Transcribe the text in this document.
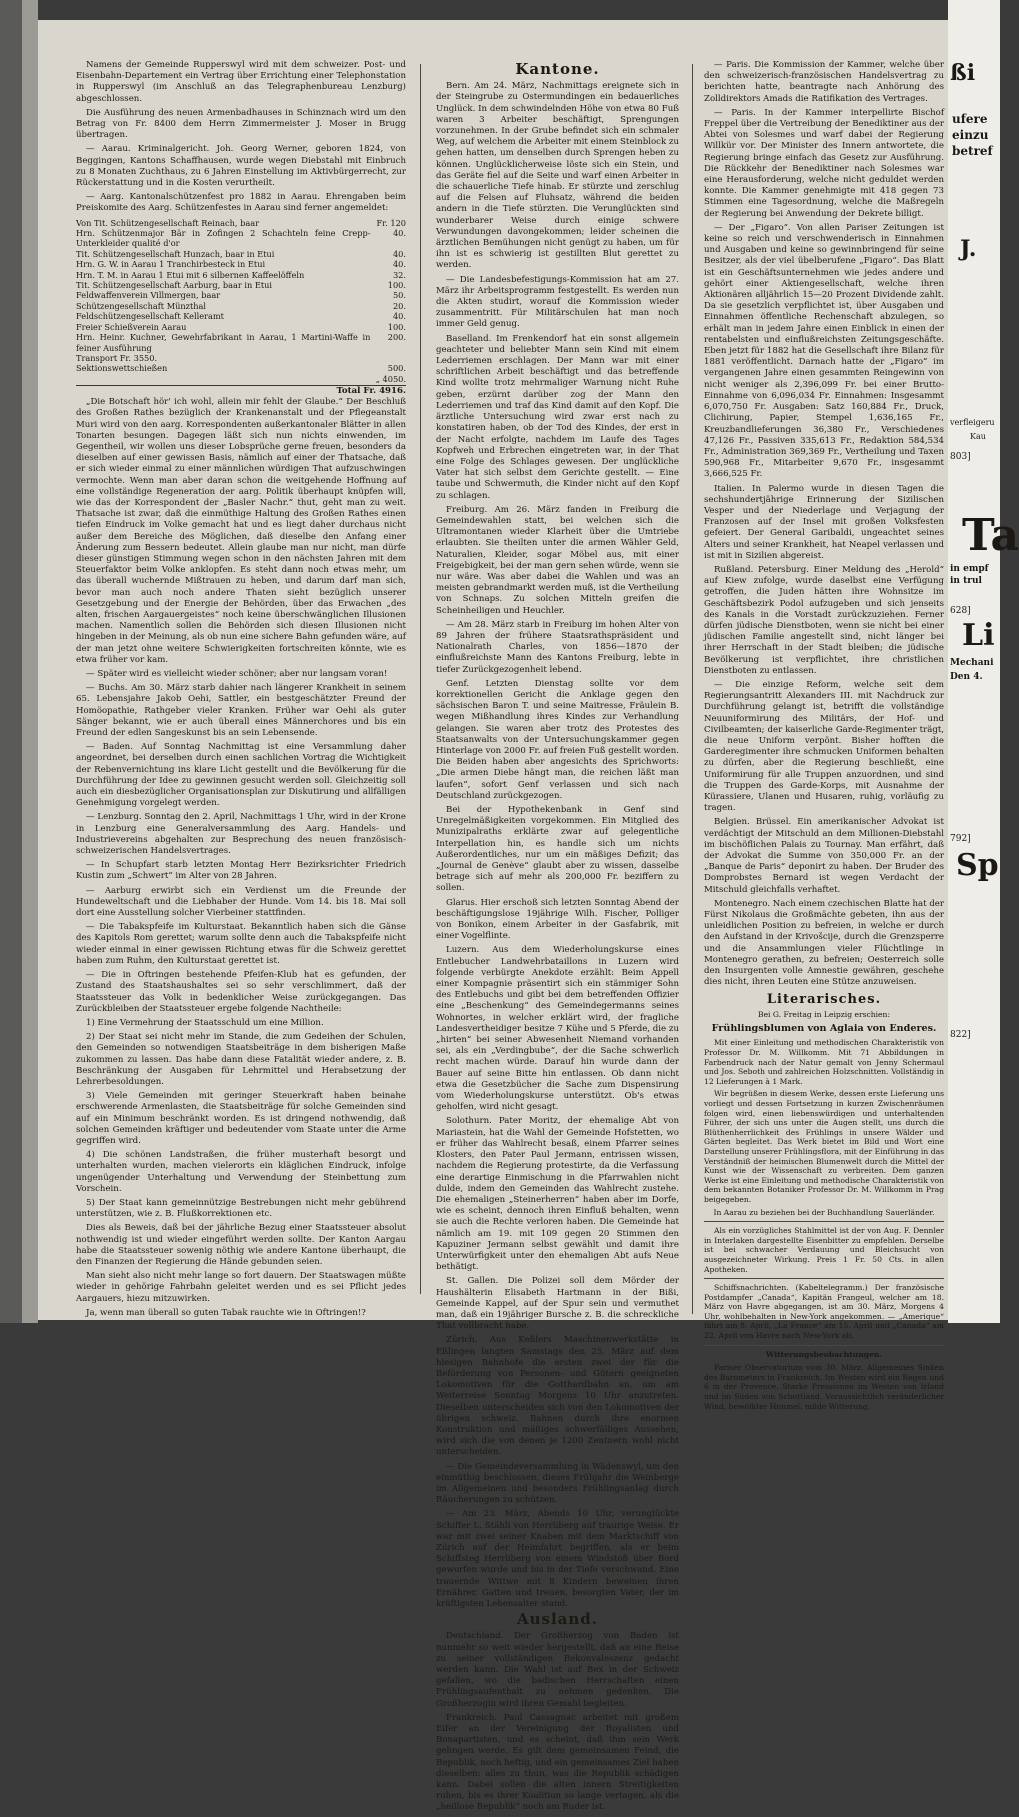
Namens der Gemeinde Rupperswyl wird mit dem schweizer. Post- und Eisenbahn-Departement ein Vertrag über Errichtung einer Telephonstation in Rupperswyl (im Anschluß an das Telegraphenbureau Lenzburg) abgeschlossen.

Die Ausführung des neuen Armenbadhauses in Schinznach wird um den Betrag von Fr. 8400 dem Herrn Zimmermeister J. Moser in Brugg übertragen.

— Aarau. Kriminalgericht. Joh. Georg Werner, geboren 1824, von Beggingen, Kantons Schaffhausen, wurde wegen Diebstahl mit Einbruch zu 8 Monaten Zuchthaus, zu 6 Jahren Einstellung im Aktivbürgerrecht, zur Rückerstattung und in die Kosten verurtheilt.

— Aarg. Kantonalschützenfest pro 1882 in Aarau. Ehrengaben beim Preiskomite des Aarg. Schützenfestes in Aarau sind ferner angemeldet:

Von Tit. Schützengesellschaft Reinach, baar	Fr. 120
Hrn. Schützenmajor Bär in Zofingen 2 Schachteln feine Crepp-Unterkleider qualité d'or	40.
Tit. Schützengesellschaft Hunzach, baar in Etui	40.
Hrn. G. W. in Aarau 1 Tranchirbesteck in Etui	40.
Hrn. T. M. in Aarau 1 Etui mit 6 silbernen Kaffeelöffeln	32.
Tit. Schützengesellschaft Aarburg, baar in Etui	100.
Feldwaffenverein Villmergen, baar	50.
Schützengesellschaft Münzthal	20.
Feldschützengesellschaft Kelleramt	40.
Freier Schießverein Aarau	100.
Hrn. Heinr. Kuchner, Gewehrfabrikant in Aarau, 1 Martini-Waffe in feiner Ausführung	200.
Transport Fr. 3550.	
Sektionswettschießen	500.
„ 4050.
Total Fr. 4916.

„Die Botschaft hör' ich wohl, allein mir fehlt der Glaube.“ Der Beschluß des Großen Rathes bezüglich der Krankenanstalt und der Pflegeanstalt Muri wird von den aarg. Korrespondenten außerkantonaler Blätter in allen Tonarten besungen. Dagegen läßt sich nun nichts einwenden, im Gegentheil, wir wollen uns dieser Lobsprüche gerne freuen, besonders da dieselben auf einer gewissen Basis, nämlich auf einer der Thatsache, daß er sich wieder einmal zu einer männlichen würdigen That aufzuschwingen vermochte. Wenn man aber daran schon die weitgehende Hoffnung auf eine vollständige Regeneration der aarg. Politik überhaupt knüpfen will, wie das der Korrespondent der „Basler Nachr.“ thut, geht man zu weit. Thatsache ist zwar, daß die einmüthige Haltung des Großen Rathes einen tiefen Eindruck im Volke gemacht hat und es liegt daher durchaus nicht außer dem Bereiche des Möglichen, daß dieselbe den Anfang einer Änderung zum Bessern bedeutet. Allein glaube man nur nicht, man dürfe dieser günstigen Stimmung wegen schon in den nächsten Jahren mit dem Steuerfaktor beim Volke anklopfen. Es steht dann noch etwas mehr, um das überall wuchernde Mißtrauen zu heben, und darum darf man sich, bevor man auch noch andere Thaten sieht bezüglich unserer Gesetzgebung und der Energie der Behörden, über das Erwachen „des alten, frischen Aargauergeistes“ noch keine überschwänglichen Illusionen machen. Namentlich sollen die Behörden sich diesen Illusionen nicht hingeben in der Meinung, als ob nun eine sichere Bahn gefunden wäre, auf der man jetzt ohne weitere Schwierigkeiten fortschreiten könnte, wie es etwa früher vor kam.

— Später wird es vielleicht wieder schöner; aber nur langsam voran!

— Buchs. Am 30. März starb dahier nach längerer Krankheit in seinem 65. Lebensjahre Jakob Oehi, Sattler, ein bestgeschätzter Freund der Homöopathie, Rathgeber vieler Kranken. Früher war Oehi als guter Sänger bekannt, wie er auch überall eines Männerchores und bis ein Freund der edlen Sangeskunst bis an sein Lebensende.

— Baden. Auf Sonntag Nachmittag ist eine Versammlung daher angeordnet, bei derselben durch einen sachlichen Vortrag die Wichtigkeit der Rebenvernichtung ins klare Licht gestellt und die Bevölkerung für die Durchführung der Idee zu gewinnen gesucht werden soll. Gleichzeitig soll auch ein diesbezüglicher Organisationsplan zur Diskutirung und allfälligen Genehmigung vorgelegt werden.

— Lenzburg. Sonntag den 2. April, Nachmittags 1 Uhr, wird in der Krone in Lenzburg eine Generalversammlung des Aarg. Handels- und Industrievereins abgehalten zur Besprechung des neuen französisch-schweizerischen Handelsvertrages.

— In Schupfart starb letzten Montag Herr Bezirksrichter Friedrich Kustin zum „Schwert“ im Alter von 28 Jahren.

— Aarburg erwirbt sich ein Verdienst um die Freunde der Hundeweltschaft und die Liebhaber der Hunde. Vom 14. bis 18. Mai soll dort eine Ausstellung solcher Vierbeiner stattfinden.

— Die Tabakspfeife im Kulturstaat. Bekanntlich haben sich die Gänse des Kapitols Rom gerettet; warum sollte denn auch die Tabakspfeife nicht wieder einmal in einer gewissen Richtung etwas für die Schweiz gerettet haben zum Ruhm, den Kulturstaat gerettet ist.

— Die in Oftringen bestehende Pfeifen-Klub hat es gefunden, der Zustand des Staatshaushaltes sei so sehr verschlimmert, daß der Staatssteuer das Volk in bedenklicher Weise zurückgegangen. Das Zurückbleiben der Staatssteuer ergebe folgende Nachtheile:

1) Eine Vermehrung der Staatsschuld um eine Million.

2) Der Staat sei nicht mehr im Stande, die zum Gedeihen der Schulen, den Gemeinden so notwendigen Staatsbeiträge in dem bisherigen Maße zukommen zu lassen. Das habe dann diese Fatalität wieder andere, z. B. Beschränkung der Ausgaben für Lehrmittel und Herabsetzung der Lehrerbesoldungen.

3) Viele Gemeinden mit geringer Steuerkraft haben beinahe erschwerende Armenlasten, die Staatsbeiträge für solche Gemeinden sind auf ein Minimum beschränkt worden. Es ist dringend nothwendig, daß solchen Gemeinden kräftiger und bedeutender vom Staate unter die Arme gegriffen wird.

4) Die schönen Landstraßen, die früher musterhaft besorgt und unterhalten wurden, machen vielerorts ein kläglichen Eindruck, infolge ungenügender Unterhaltung und Verwendung der Steinbettung zum Vorschein.

5) Der Staat kann gemeinnützige Bestrebungen nicht mehr gebührend unterstützen, wie z. B. Flußkorrektionen etc.

Dies als Beweis, daß bei der jährliche Bezug einer Staatssteuer absolut nothwendig ist und wieder eingeführt werden sollte. Der Kanton Aargau habe die Staatssteuer sowenig nöthig wie andere Kantone überhaupt, die den Finanzen der Regierung die Hände gebunden seien.

Man sieht also nicht mehr lange so fort dauern. Der Staatswagen müßte wieder in gehörige Fahrbahn geleitet werden und es sei Pflicht jedes Aargauers, hiezu mitzuwirken.

Ja, wenn man überall so guten Tabak rauchte wie in Oftringen!?

Kantone.

Bern. Am 24. März, Nachmittags ereignete sich in der Steingrube zu Ostermundingen ein bedauerliches Unglück. In dem schwindelnden Höhe von etwa 80 Fuß waren 3 Arbeiter beschäftigt, Sprengungen vorzunehmen. In der Grube befindet sich ein schmaler Weg, auf welchem die Arbeiter mit einem Steinblock zu gehen hatten, um denselben durch Sprengen heben zu können. Unglücklicherweise löste sich ein Stein, und das Geräte fiel auf die Seite und warf einen Arbeiter in die schauerliche Tiefe hinab. Er stürzte und zerschlug auf die Felsen auf Fluhsatz, während die beiden andern in die Tiefe stürzten. Die Verunglückten sind wunderbarer Weise durch einige schwere Verwundungen davongekommen; leider scheinen die ärztlichen Bemühungen nicht genügt zu haben, um für ihn ist es schwierig ist gestillten Blut gerettet zu werden.

— Die Landesbefestigungs-Kommission hat am 27. März ihr Arbeitsprogramm festgestellt. Es werden nun die Akten studirt, worauf die Kommission wieder zusammentritt. Für Militärschulen hat man noch immer Geld genug.

Baselland. Im Frenkendorf hat ein sonst allgemein geachteter und beliebter Mann sein Kind mit einem Lederriemen erschlagen. Der Mann war mit einer schriftlichen Arbeit beschäftigt und das betreffende Kind wollte trotz mehrmaliger Warnung nicht Ruhe geben, erzürnt darüber zog der Mann den Lederriemen und traf das Kind damit auf den Kopf. Die ärztliche Untersuchung wird zwar erst nach zu konstatiren haben, ob der Tod des Kindes, der erst in der Nacht erfolgte, nachdem im Laufe des Tages Kopfweh und Erbrechen eingetreten war, in der That eine Folge des Schlages gewesen. Der unglückliche Vater hat sich selbst dem Gerichte gestellt. — Eine taube und Schwermuth, die Kinder nicht auf den Kopf zu schlagen.

Freiburg. Am 26. März fanden in Freiburg die Gemeindewahlen statt, bei welchen sich die Ultramontanen wieder Klarheit über die Umtriebe erlaubten. Sie theilten unter die armen Wähler Geld, Naturalien, Kleider, sogar Möbel aus, mit einer Freigebigkeit, bei der man gern sehen würde, wenn sie nur wäre. Was aber dabei die Wahlen und was an meisten gebrandmarkt werden muß, ist die Vertheilung von Schnaps. Zu solchen Mitteln greifen die Scheinheiligen und Heuchler.

— Am 28. März starb in Freiburg im hohen Alter von 89 Jahren der frühere Staatsrathspräsident und Nationalrath Charles, von 1856—1870 der einflußreichste Mann des Kantons Freiburg, lebte in tiefer Zurückgezogenheit lebend.

Genf. Letzten Dienstag sollte vor dem korrektionellen Gericht die Anklage gegen den sächsischen Baron T. und seine Maitresse, Fräulein B. wegen Mißhandlung ihres Kindes zur Verhandlung gelangen. Sie waren aber trotz des Protestes des Staatsanwalts von der Untersuchungskammer gegen Hinterlage von 2000 Fr. auf freien Fuß gestellt worden. Die Beiden haben aber angesichts des Sprichworts: „Die armen Diebe hängt man, die reichen läßt man laufen“, sofort Genf verlassen und sich nach Deutschland zurückgezogen.

Bei der Hypothekenbank in Genf sind Unregelmäßigkeiten vorgekommen. Ein Mitglied des Munizipalraths erklärte zwar auf gelegentliche Interpellation hin, es handle sich um nichts Außerordentliches, nur um ein mäßiges Defizit; das „Journal de Genève“ glaubt aber zu wissen, dasselbe betrage sich auf mehr als 200,000 Fr. beziffern zu sollen.

Glarus. Hier erschoß sich letzten Sonntag Abend der beschäftigungslose 19jährige Wilh. Fischer, Polliger von Bonikon, einem Arbeiter in der Gasfabrik, mit einer Vogelflinte.

Luzern. Aus dem Wiederholungskurse eines Entlebucher Landwehrbataillons in Luzern wird folgende verbürgte Anekdote erzählt: Beim Appell einer Kompagnie präsentirt sich ein stämmiger Sohn des Entlebuchs und gibt bei dem betreffenden Offizier eine „Beschenkung“ des Gemeindegermanns seines Wohnortes, in welcher erklärt wird, der fragliche Landesvertheidiger besitze 7 Kühe und 5 Pferde, die zu „hirten“ bei seiner Abwesenheit Niemand vorhanden sei, als ein „Verdingbube“, der die Sache schwerlich recht machen würde. Darauf hin wurde dann der Bauer auf seine Bitte hin entlassen. Ob dann nicht etwa die Gesetzbücher die Sache zum Dispensirung vom Wiederholungskurse unterstützt. Ob's etwas geholfen, wird nicht gesagt.

Solothurn. Pater Moritz, der ehemalige Abt von Mariastein, hat die Wahl der Gemeinde Hofstetten, wo er früher das Wahlrecht besaß, einem Pfarrer seines Klosters, den Pater Paul Jermann, entrissen wissen, nachdem die Regierung protestirte, da die Verfassung eine derartige Einmischung in die Pfarrwahlen nicht dulde, indem den Gemeinden das Wahlrecht zustehe. Die ehemaligen „Steinerherren“ haben aber im Dorfe, wie es scheint, dennoch ihren Einfluß behalten, wenn sie auch die Rechte verloren haben. Die Gemeinde hat nämlich am 19. mit 109 gegen 20 Stimmen den Kapuziner Jermann selbst gewählt und damit ihre Unterwürfigkeit unter den ehemaligen Abt aufs Neue bethätigt.

St. Gallen. Die Polizei soll dem Mörder der Haushälterin Elisabeth Hartmann in der Bißi, Gemeinde Kappel, auf der Spur sein und vermuthet man, daß ein 19jähriger Bursche z. B. die schreckliche That vollbracht habe.

Zürich. Aus Keßlers Maschinenwerkstätte in Eßlingen langten Samstags den 25. März auf dem hiesigen Bahnhofe die ersten zwei der für die Beförderung von Personen- und Gütern geeigneten Lokomotiven für die Gotthardbahn an, um am Weiterreise Sonntag Morgens 10 Uhr anzutreten. Dieselben unterscheiden sich von den Lokomotiven der übrigen schweiz. Bahnen durch ihre enormen Konstruktion und mäßiges schwerfälliges Aussehen, wird sich die von denen je 1200 Zentnern wohl nicht unterscheiden.

— Die Gemeindeversammlung in Wädenswyl, um den einmüthig beschlossen, dieses Frühjahr die Weinberge im Allgemeinen und besonders Frühlingsanlag durch Räucherungen zu schützen.

— Am 23. März, Abends 10 Uhr, verunglückte Schiffer L. Stähli von Herrliberg auf traurige Weise. Er war mit zwei seiner Knaben mit dem Marktschiff von Zürich auf der Heimfahrt begriffen, als er beim Schiffsteg Herrliberg von einem Windstoß über Bord geworfen wurde und bis in der Tiefe verschwand. Eine trauernde Wittwe mit 8 Kindern beweinen ihren Ernährer, Gatten und treuen, besorgten Vater, der im kräftigsten Lebensalter stand.

Ausland.

Deutschland. Der Großherzog von Baden ist nunmehr so weit wieder hergestellt, daß an eine Reise zu seiner vollständigen Rekonvaleszenz gedacht werden kann. Die Wahl ist auf Bex in der Schweiz gefallen, wo die badischen Herrschaften einen Frühlingsaufenthalt zu nehmen gedenken. Die Großherzogin wird ihren Gemahl begleiten.

Frankreich. Paul Cassagnac arbeitet mit großem Eifer an der Vereinigung der Royalisten und Bonapartisten, und es scheint, daß ihm sein Werk gelingen werde. Es gilt dem gemeinsamen Feind, die Republik, noch heftig, und ein gemeinsames Ziel haben dieselben: alles zu thun, was die Republik schädigen kann. Dabei sollen die alten innern Streitigkeiten ruhen, bis es ihrer Koalition so lange vertagen, als die „heillose Republik“ noch am Ruder ist.

— Paris. Die Kommission der Kammer, welche über den schweizerisch-französischen Handelsvertrag zu berichten hatte, beantragte nach Anhörung des Zolldirektors Amads die Ratifikation des Vertrages.

— Paris. In der Kammer interpellirte Bischof Freppel über die Vertreibung der Benediktiner aus der Abtei von Solesmes und warf dabei der Regierung Willkür vor. Der Minister des Innern antwortete, die Regierung bringe einfach das Gesetz zur Ausführung. Die Rückkehr der Benediktiner nach Solesmes war eine Herausforderung, welche nicht geduldet werden konnte. Die Kammer genehmigte mit 418 gegen 73 Stimmen eine Tagesordnung, welche die Maßregeln der Regierung bei Anwendung der Dekrete billigt.

— Der „Figaro“. Von allen Pariser Zeitungen ist keine so reich und verschwenderisch in Einnahmen und Ausgaben und keine so gewinnbringend für seine Besitzer, als der viel übelberufene „Figaro“. Das Blatt ist ein Geschäftsunternehmen wie jedes andere und gehört einer Aktiengesellschaft, welche ihren Aktionären alljährlich 15—20 Prozent Dividende zahlt. Da sie gesetzlich verpflichtet ist, über Ausgaben und Einnahmen öffentliche Rechenschaft abzulegen, so erhält man in jedem Jahre einen Einblick in einen der rentabelsten und einflußreichsten Zeitungsgeschäfte. Eben jetzt für 1882 hat die Gesellschaft ihre Bilanz für 1881 veröffentlicht. Darnach hatte der „Figaro“ im vergangenen Jahre einen gesammten Reingewinn von nicht weniger als 2,396,099 Fr. bei einer Brutto-Einnahme von 6,096,034 Fr. Einnahmen: Insgesammt 6,070,750 Fr. Ausgaben: Satz 160,884 Fr., Druck, Clichirung, Papier, Stempel 1,636,165 Fr., Kreuzbandlieferungen 36,380 Fr., Verschiedenes 47,126 Fr., Passiven 335,613 Fr., Redaktion 584,534 Fr., Administration 369,369 Fr., Vertheilung und Taxen 590,968 Fr., Mitarbeiter 9,670 Fr., insgesammt 3,666,525 Fr.

Italien. In Palermo wurde in diesen Tagen die sechshundertjährige Erinnerung der Sizilischen Vesper und der Niederlage und Verjagung der Franzosen auf der Insel mit großen Volksfesten gefeiert. Der General Garibaldi, ungeachtet seines Alters und seiner Krankheit, hat Neapel verlassen und ist mit in Sizilien abgereist.

Rußland. Petersburg. Einer Meldung des „Herold“ auf Kiew zufolge, wurde daselbst eine Verfügung getroffen, die Juden hätten ihre Wohnsitze im Geschäftsbezirk Podol aufzugeben und sich jenseits des Kanals in die Vorstadt zurückzuziehen. Ferner dürfen jüdische Dienstboten, wenn sie nicht bei einer jüdischen Familie angestellt sind, nicht länger bei ihrer Herrschaft in der Stadt bleiben; die jüdische Bevölkerung ist verpflichtet, ihre christlichen Dienstboten zu entlassen.

— Die einzige Reform, welche seit dem Regierungsantritt Alexanders III. mit Nachdruck zur Durchführung gelangt ist, betrifft die vollständige Neuuniformirung des Militärs, der Hof- und Civilbeamten; der kaiserliche Garde-Regimenter trägt, die neue Uniform verpönt. Bisher hofften die Garderegimenter ihre schmucken Uniformen behalten zu dürfen, aber die Regierung beschließt, eine Uniformirung für alle Truppen anzuordnen, und sind die Truppen des Garde-Korps, mit Ausnahme der Kürassiere, Ulanen und Husaren, ruhig, vorläufig zu tragen.

Belgien. Brüssel. Ein amerikanischer Advokat ist verdächtigt der Mitschuld an dem Millionen-Diebstahl im bischöflichen Palais zu Tournay. Man erfährt, daß der Advokat die Summe von 350,000 Fr. an der „Banque de Paris“ deponirt zu haben. Der Bruder des Domprobstes Bernard ist wegen Verdacht der Mitschuld gleichfalls verhaftet.

Montenegro. Nach einem czechischen Blatte hat der Fürst Nikolaus die Großmächte gebeten, ihn aus der unleidlichen Position zu befreien, in welche er durch den Aufstand in der Krivošcije, durch die Grenzsperre und die Ansammlungen vieler Flüchtlinge in Montenegro gerathen, zu befreien; Oesterreich solle den Insurgenten volle Amnestie gewähren, geschehe dies nicht, ihren Leuten eine Stütze anzuweisen.

Literarisches.
Bei G. Freitag in Leipzig erschien:
Frühlingsblumen von Aglaia von Enderes.

Mit einer Einleitung und methodischen Charakteristik von Professor Dr. M. Willkomm. Mit 71 Abbildungen in Farbendruck nach der Natur gemalt von Jenny Schermaul und Jos. Seboth und zahlreichen Holzschnitten. Vollständig in 12 Lieferungen à 1 Mark.

Wir begrüßen in diesem Werke, dessen erste Lieferung uns vorliegt und dessen Fortsetzung in kurzen Zwischenräumen folgen wird, einen liebenswürdigen und unterhaltenden Führer, der sich uns unter die Augen stellt, uns durch die Blüthenherrlichkeit des Frühlings in unsere Wälder und Gärten begleitet. Das Werk bietet im Bild und Wort eine Darstellung unserer Frühlingsflora, mit der Einführung in das Verständniß der heimischen Blumenwelt durch die Mittel der Kunst wie der Wissenschaft zu verbreiten. Dem ganzen Werke ist eine Einleitung und methodische Charakteristik von dem bekannten Botaniker Professor Dr. M. Willkomm in Prag beigegeben.

In Aarau zu beziehen bei der Buchhandlung Sauerländer.

Als ein vorzügliches Stahlmittel ist der von Aug. F. Dennler in Interlaken dargestellte Eisenbitter zu empfehlen. Derselbe ist bei schwacher Verdauung und Bleichsucht von ausgezeichneter Wirkung. Preis 1 Fr. 50 Cts. in allen Apotheken.

Schiffsnachrichten. (Kabeltelegramm.) Der französische Postdampfer „Canada“, Kapitän Frangeul, welcher am 18. März von Havre abgegangen, ist am 30. März, Morgens 4 Uhr, wohlbehalten in New-York angekommen. — „Amerique“ fährt am 8. April, „La France“ am 15. April und „Canada“ am 22. April von Havre nach New-York ab.

Witterungsbeobachtungen.

Pariser Observatorium vom 30. März. Allgemeines Sinken des Barometers in Frankreich. Im Westen wird ein Regen und 6 in der Provence. Starke Pressionen im Westen von Irland und im Süden von Schottland. Voraussichtlich veränderlicher Wind, bewölkter Himmel, milde Witterung.

ßi
ufere
einzu
betref
J.
verfleigeru
Kau
803]
Ta
in empf
in trul
628]
Li
Mechani
Den 4.
792]
Sp
822]
